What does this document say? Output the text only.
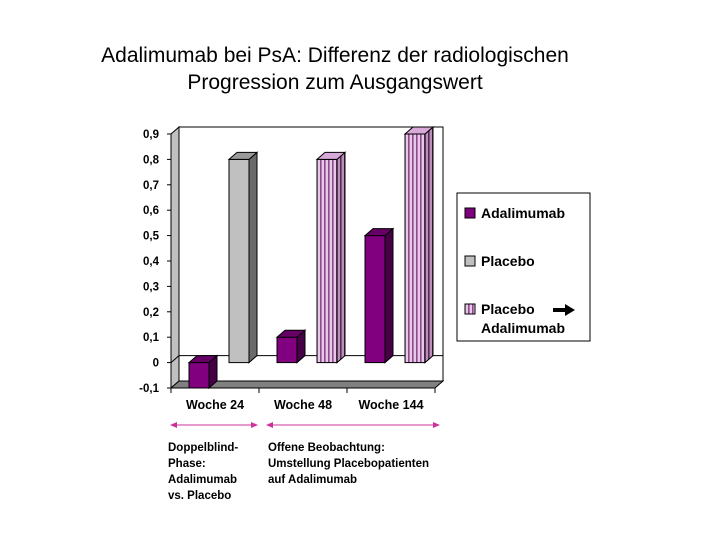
Adalimumab bei PsA: Differenz der radiologischen
Progression zum Ausgangswert
-0,1
0
0,1
0,2
0,3
0,4
0,5
0,6
0,7
0,8
0,9
Woche 24 Woche 48 Woche 144
Adalimumab
Placebo
Placebo
Adalimumab
Doppelblind-
Phase:
Adalimumab
vs. Placebo
Offene Beobachtung:
Umstellung Placebopatienten
auf Adalimumab
